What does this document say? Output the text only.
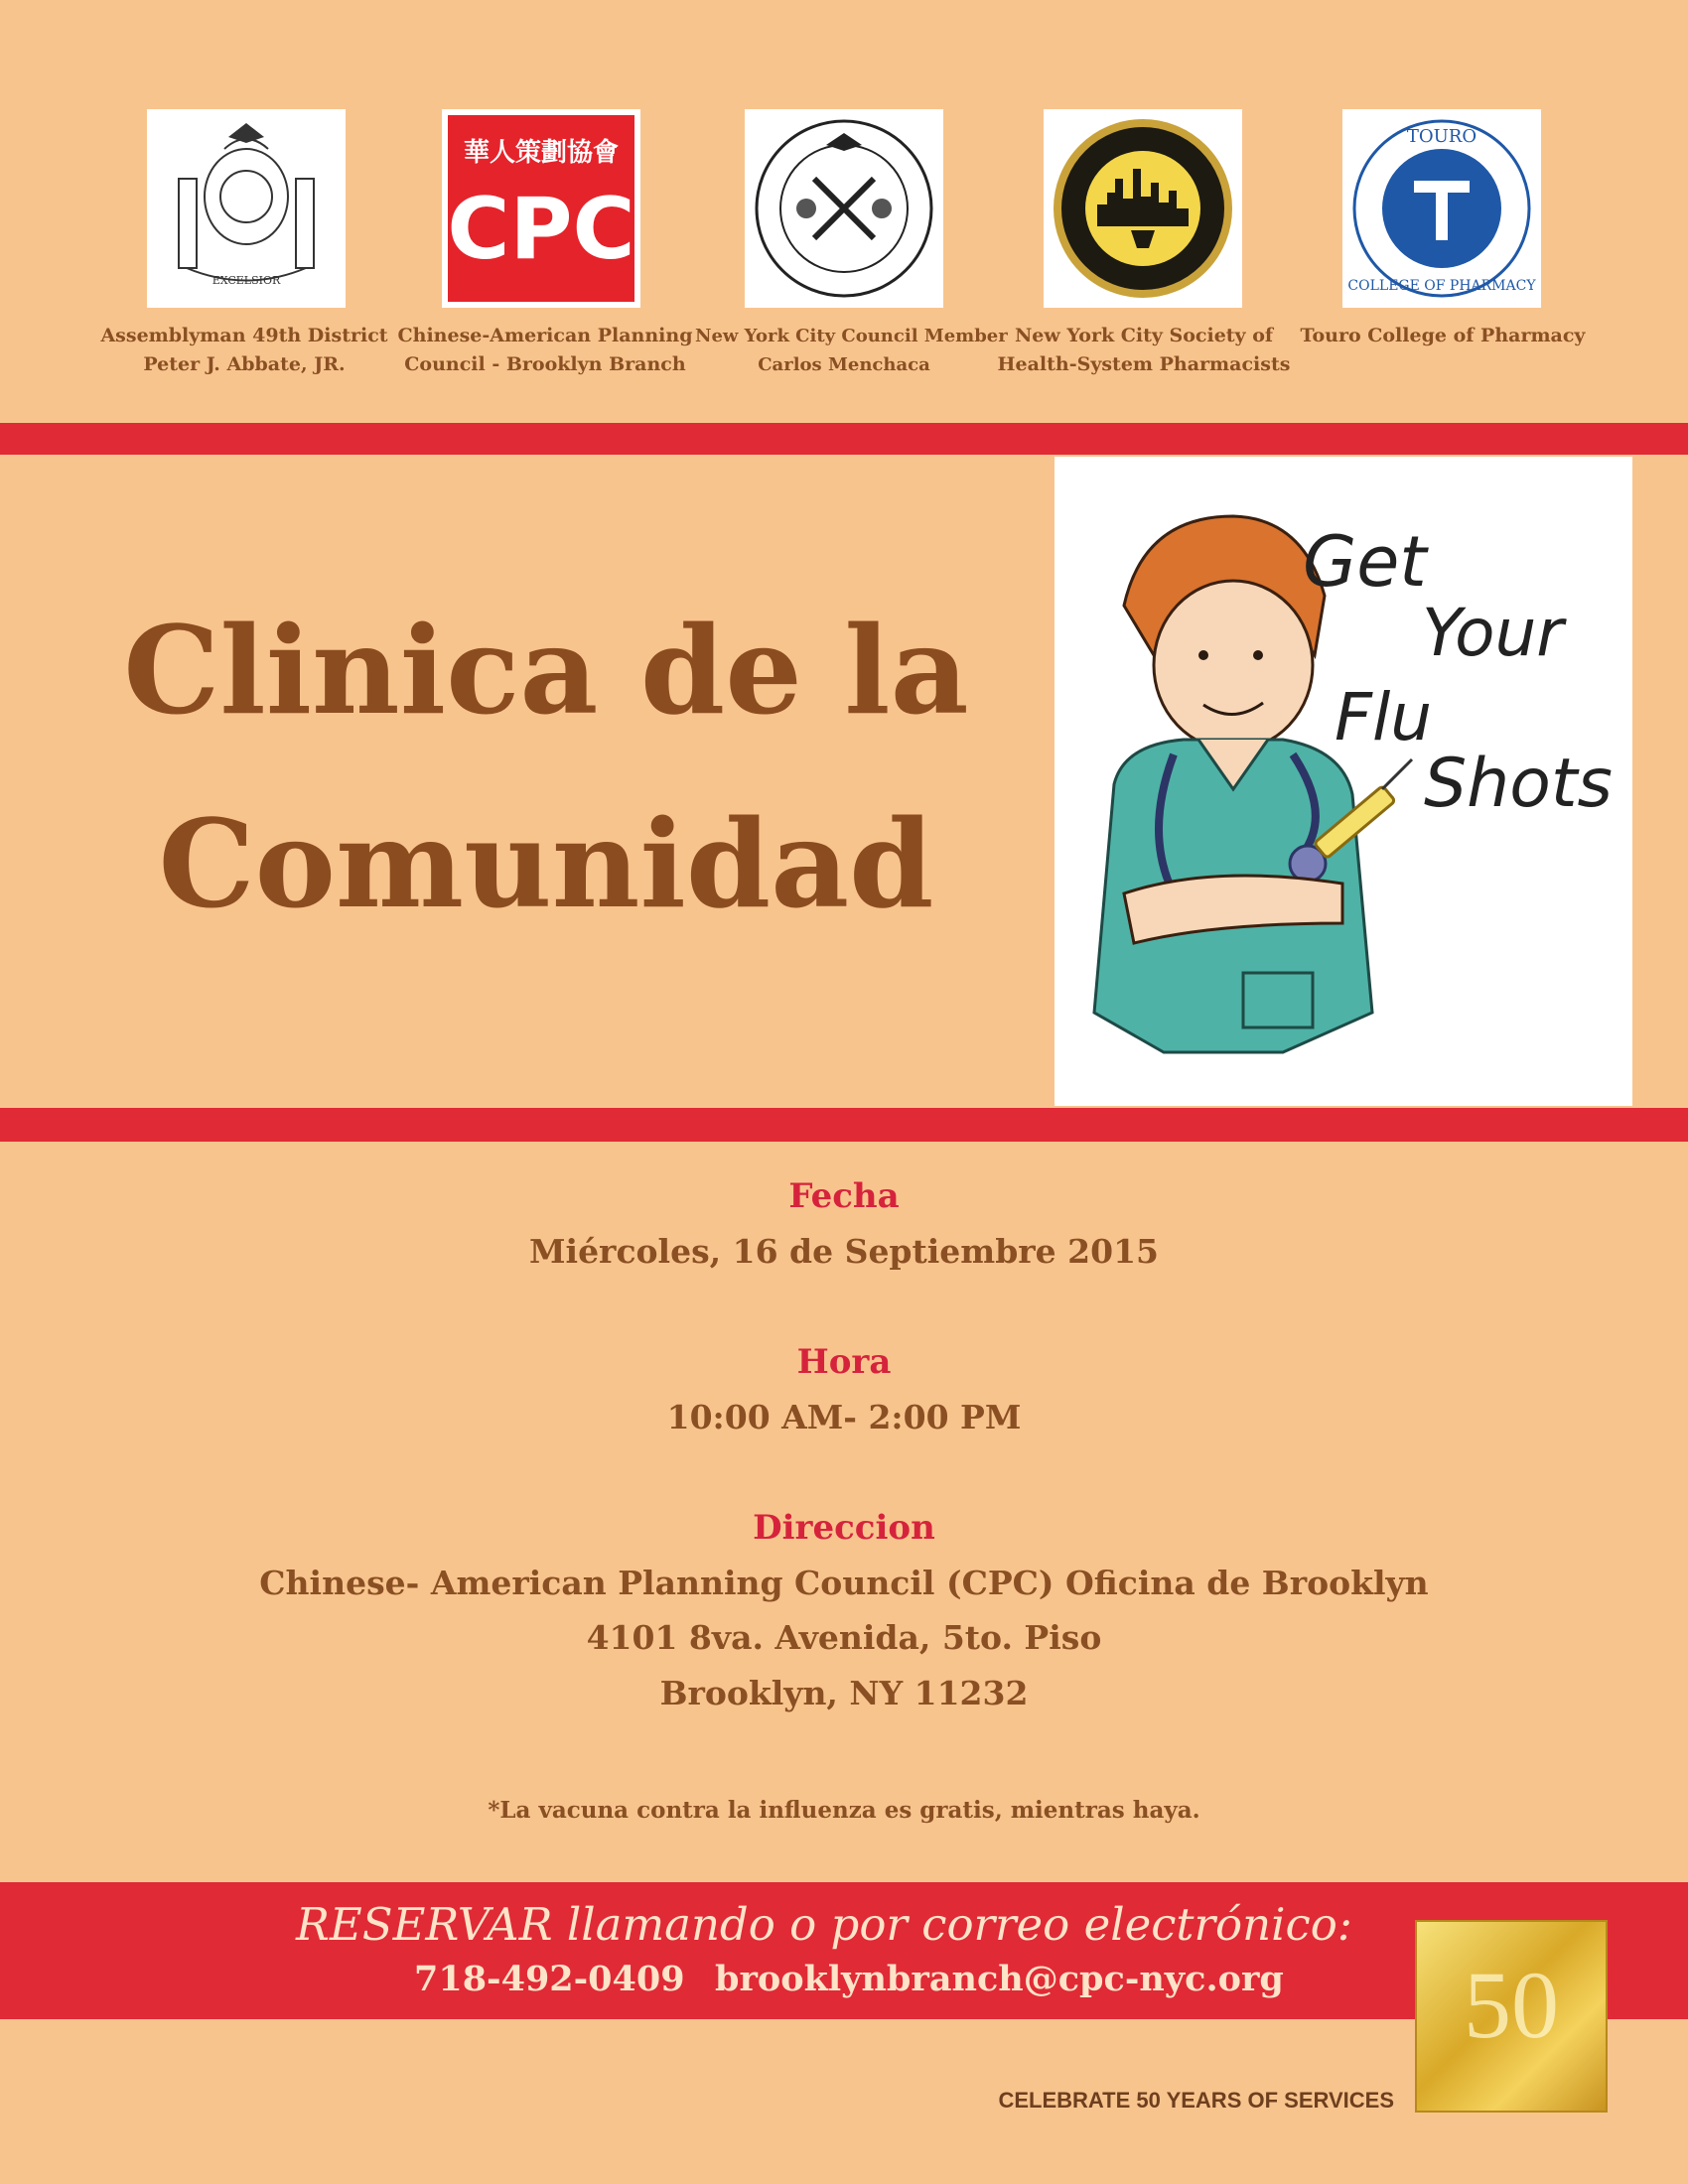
EXCELSIOR
華人策劃協會
CPC
TOURO
COLLEGE OF PHARMACY
Assemblyman 49th District
Peter J. Abbate, JR.
Chinese-American Planning
Council - Brooklyn Branch
New York City Council Member
Carlos Menchaca
New York City Society of
Health-System Pharmacists
Touro College of Pharmacy
Clinica de la
Comunidad
Get
Your
Flu
Shots
Fecha
Miércoles, 16 de Septiembre 2015
Hora
10:00 AM- 2:00 PM
Direccion
Chinese- American Planning Council (CPC) Oficina de Brooklyn
4101 8va. Avenida, 5to. Piso
Brooklyn, NY 11232
*La vacuna contra la influenza es gratis, mientras haya.
RESERVAR llamando o por correo electrónico:
718-492-0409 brooklynbranch@cpc-nyc.org	50
CELEBRATE 50 YEARS OF SERVICES
